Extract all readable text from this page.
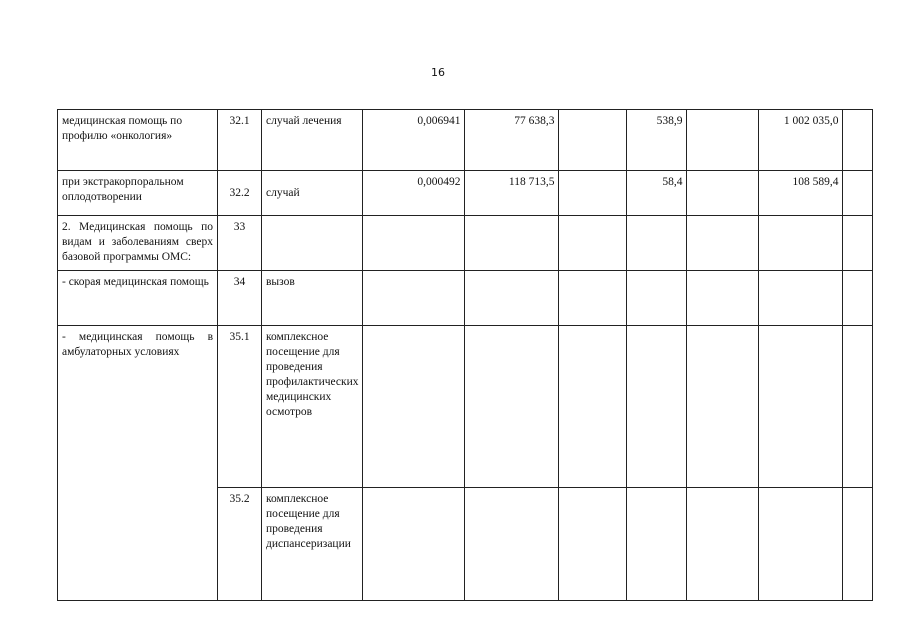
16
медицинская помощь по профилю «онкология»	32.1	случай лечения	0,006941	77 638,3		538,9		1 002 035,0	
при экстракорпоральном оплодотворении	32.2	случай	0,000492	118 713,5		58,4		108 589,4	
2. Медицинская помощь по видам и заболеваниям сверх базовой программы ОМС:	33								
- скорая медицинская помощь	34	вызов							
- медицинская помощь в амбулаторных условиях	35.1	комплексное посещение для проведения профилактических медицинских осмотров							
	35.2	комплексное посещение для проведения диспансеризации							
